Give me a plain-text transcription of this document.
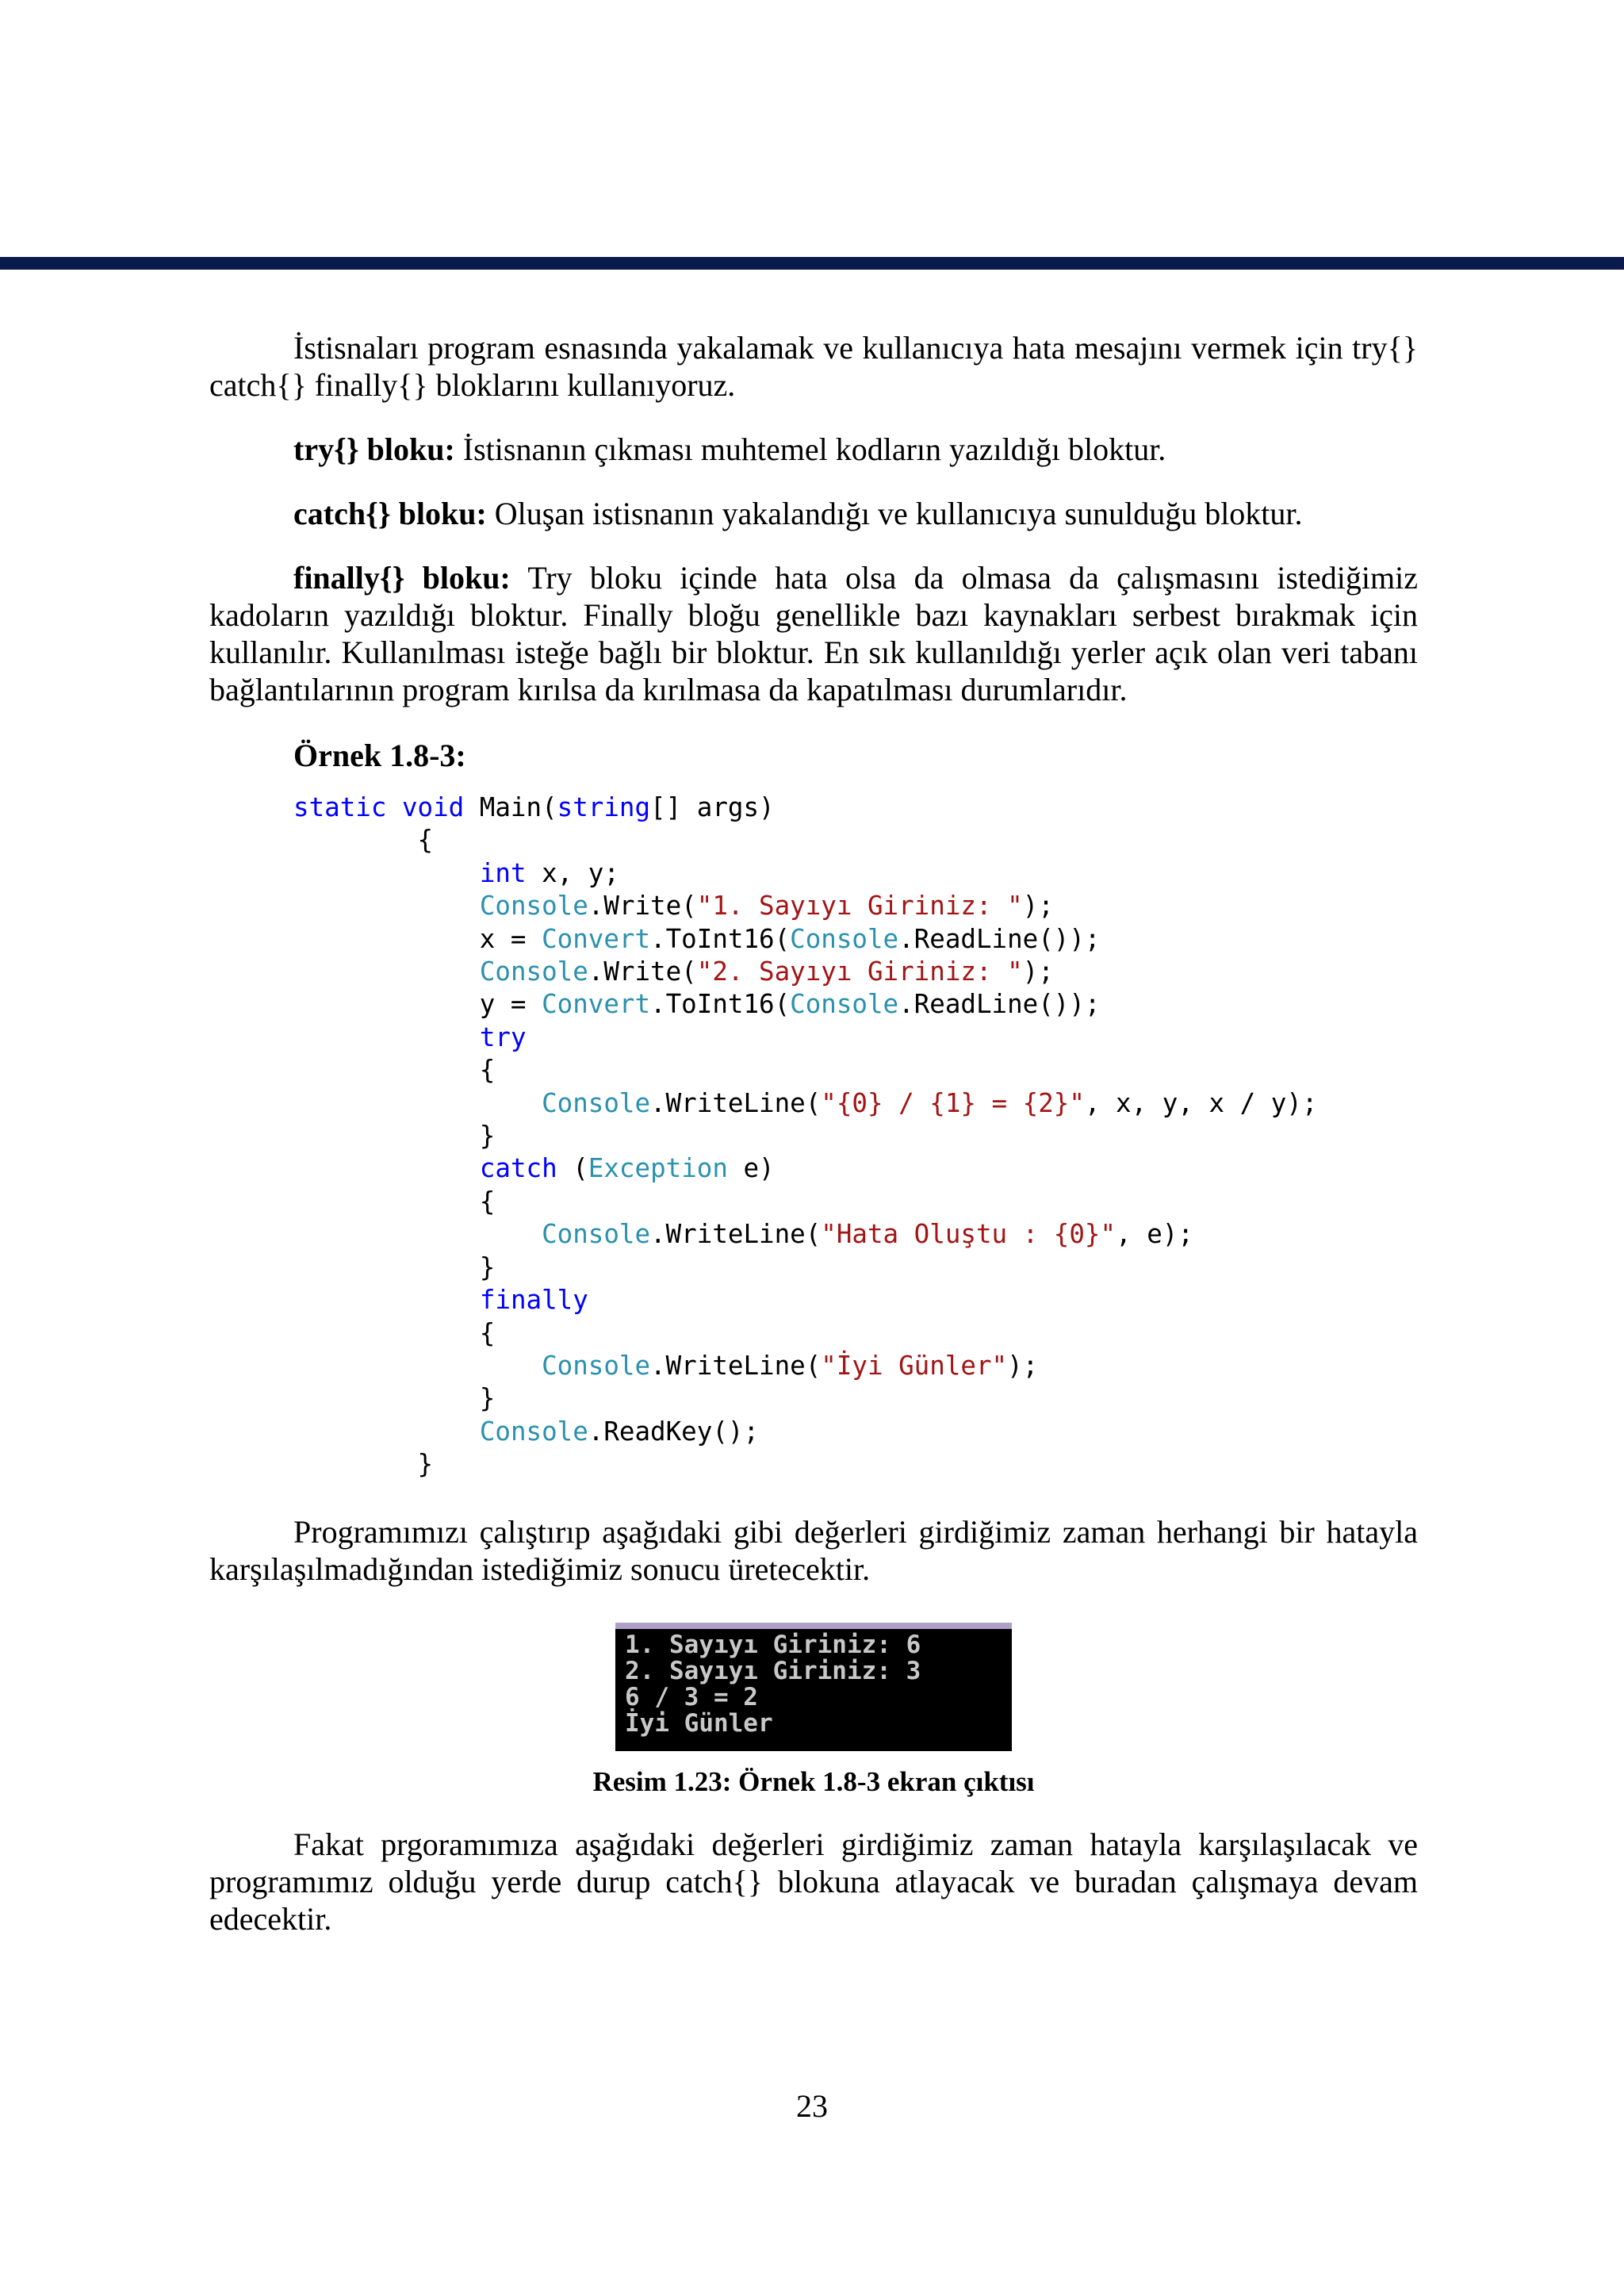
İstisnaları program esnasında yakalamak ve kullanıcıya hata mesajını vermek için try{} catch{} finally{} bloklarını kullanıyoruz.

try{} bloku: İstisnanın çıkması muhtemel kodların yazıldığı bloktur.

catch{} bloku: Oluşan istisnanın yakalandığı ve kullanıcıya sunulduğu bloktur.

finally{} bloku: Try bloku içinde hata olsa da olmasa da çalışmasını istediğimiz kadoların yazıldığı bloktur. Finally bloğu genellikle bazı kaynakları serbest bırakmak için kullanılır. Kullanılması isteğe bağlı bir bloktur. En sık kullanıldığı yerler açık olan veri tabanı bağlantılarının program kırılsa da kırılmasa da kapatılması durumlarıdır.

Örnek 1.8-3:
static void Main(string[] args)
{
int x, y;
Console.Write("1. Sayıyı Giriniz: ");
x = Convert.ToInt16(Console.ReadLine());
Console.Write("2. Sayıyı Giriniz: ");
y = Convert.ToInt16(Console.ReadLine());
try
{
Console.WriteLine("{0} / {1} = {2}", x, y, x / y);
}
catch (Exception e)
{
Console.WriteLine("Hata Oluştu : {0}", e);
}
finally
{
Console.WriteLine("İyi Günler");
}
Console.ReadKey();
}

Programımızı çalıştırıp aşağıdaki gibi değerleri girdiğimiz zaman herhangi bir hatayla karşılaşılmadığından istediğimiz sonucu üretecektir.

1. Sayıyı Giriniz: 6
2. Sayıyı Giriniz: 3
6 / 3 = 2
İyi Günler
Resim 1.23: Örnek 1.8-3 ekran çıktısı

Fakat prgoramımıza aşağıdaki değerleri girdiğimiz zaman hatayla karşılaşılacak ve programımız olduğu yerde durup catch{} blokuna atlayacak ve buradan çalışmaya devam edecektir.

23
